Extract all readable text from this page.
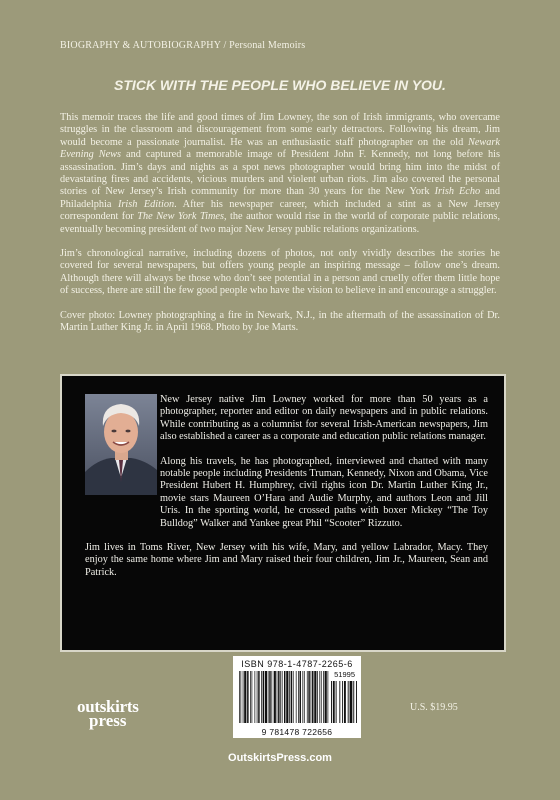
BIOGRAPHY & AUTOBIOGRAPHY / Personal Memoirs
STICK WITH THE PEOPLE WHO BELIEVE IN YOU.

This memoir traces the life and good times of Jim Lowney, the son of Irish immigrants, who overcame struggles in the classroom and discouragement from some early detractors. Following his dream, Jim would become a passionate journalist. He was an enthusiastic staff photographer on the old Newark Evening News and captured a memorable image of President John F. Kennedy, not long before his assassination. Jim’s days and nights as a spot news photographer would bring him into the midst of devastating fires and accidents, vicious murders and violent urban riots. Jim also covered the personal stories of New Jersey’s Irish community for more than 30 years for the New York Irish Echo and Philadelphia Irish Edition. After his newspaper career, which included a stint as a New Jersey correspondent for The New York Times, the author would rise in the world of corporate public relations, eventually becoming president of two major New Jersey public relations organizations.

Jim’s chronological narrative, including dozens of photos, not only vividly describes the stories he covered for several newspapers, but offers young people an inspiring message – follow one’s dream. Although there will always be those who don’t see potential in a person and cruelly offer them little hope of success, there are still the few good people who have the vision to believe in and encourage a struggler.

Cover photo: Lowney photographing a fire in Newark, N.J., in the aftermath of the assassination of Dr. Martin Luther King Jr. in April 1968. Photo by Joe Marts.

New Jersey native Jim Lowney worked for more than 50 years as a photographer, reporter and editor on daily newspapers and in public relations. While contributing as a columnist for several Irish-American newspapers, Jim also established a career as a corporate and education public relations manager.

Along his travels, he has photographed, interviewed and chatted with many notable people including Presidents Truman, Kennedy, Nixon and Obama, Vice President Hubert H. Humphrey, civil rights icon Dr. Martin Luther King Jr., movie stars Maureen O’Hara and Audie Murphy, and authors Leon and Jill Uris. In the sporting world, he crossed paths with boxer Mickey “The Toy Bulldog” Walker and Yankee great Phil “Scooter” Rizzuto.

Jim lives in Toms River, New Jersey with his wife, Mary, and yellow Labrador, Macy. They enjoy the same home where Jim and Mary raised their four children, Jim Jr., Maureen, Sean and Patrick.

ISBN 978-1-4787-2265-6
51995
9 781478 722656
outskirts
press
U.S. $19.95
OutskirtsPress.com
